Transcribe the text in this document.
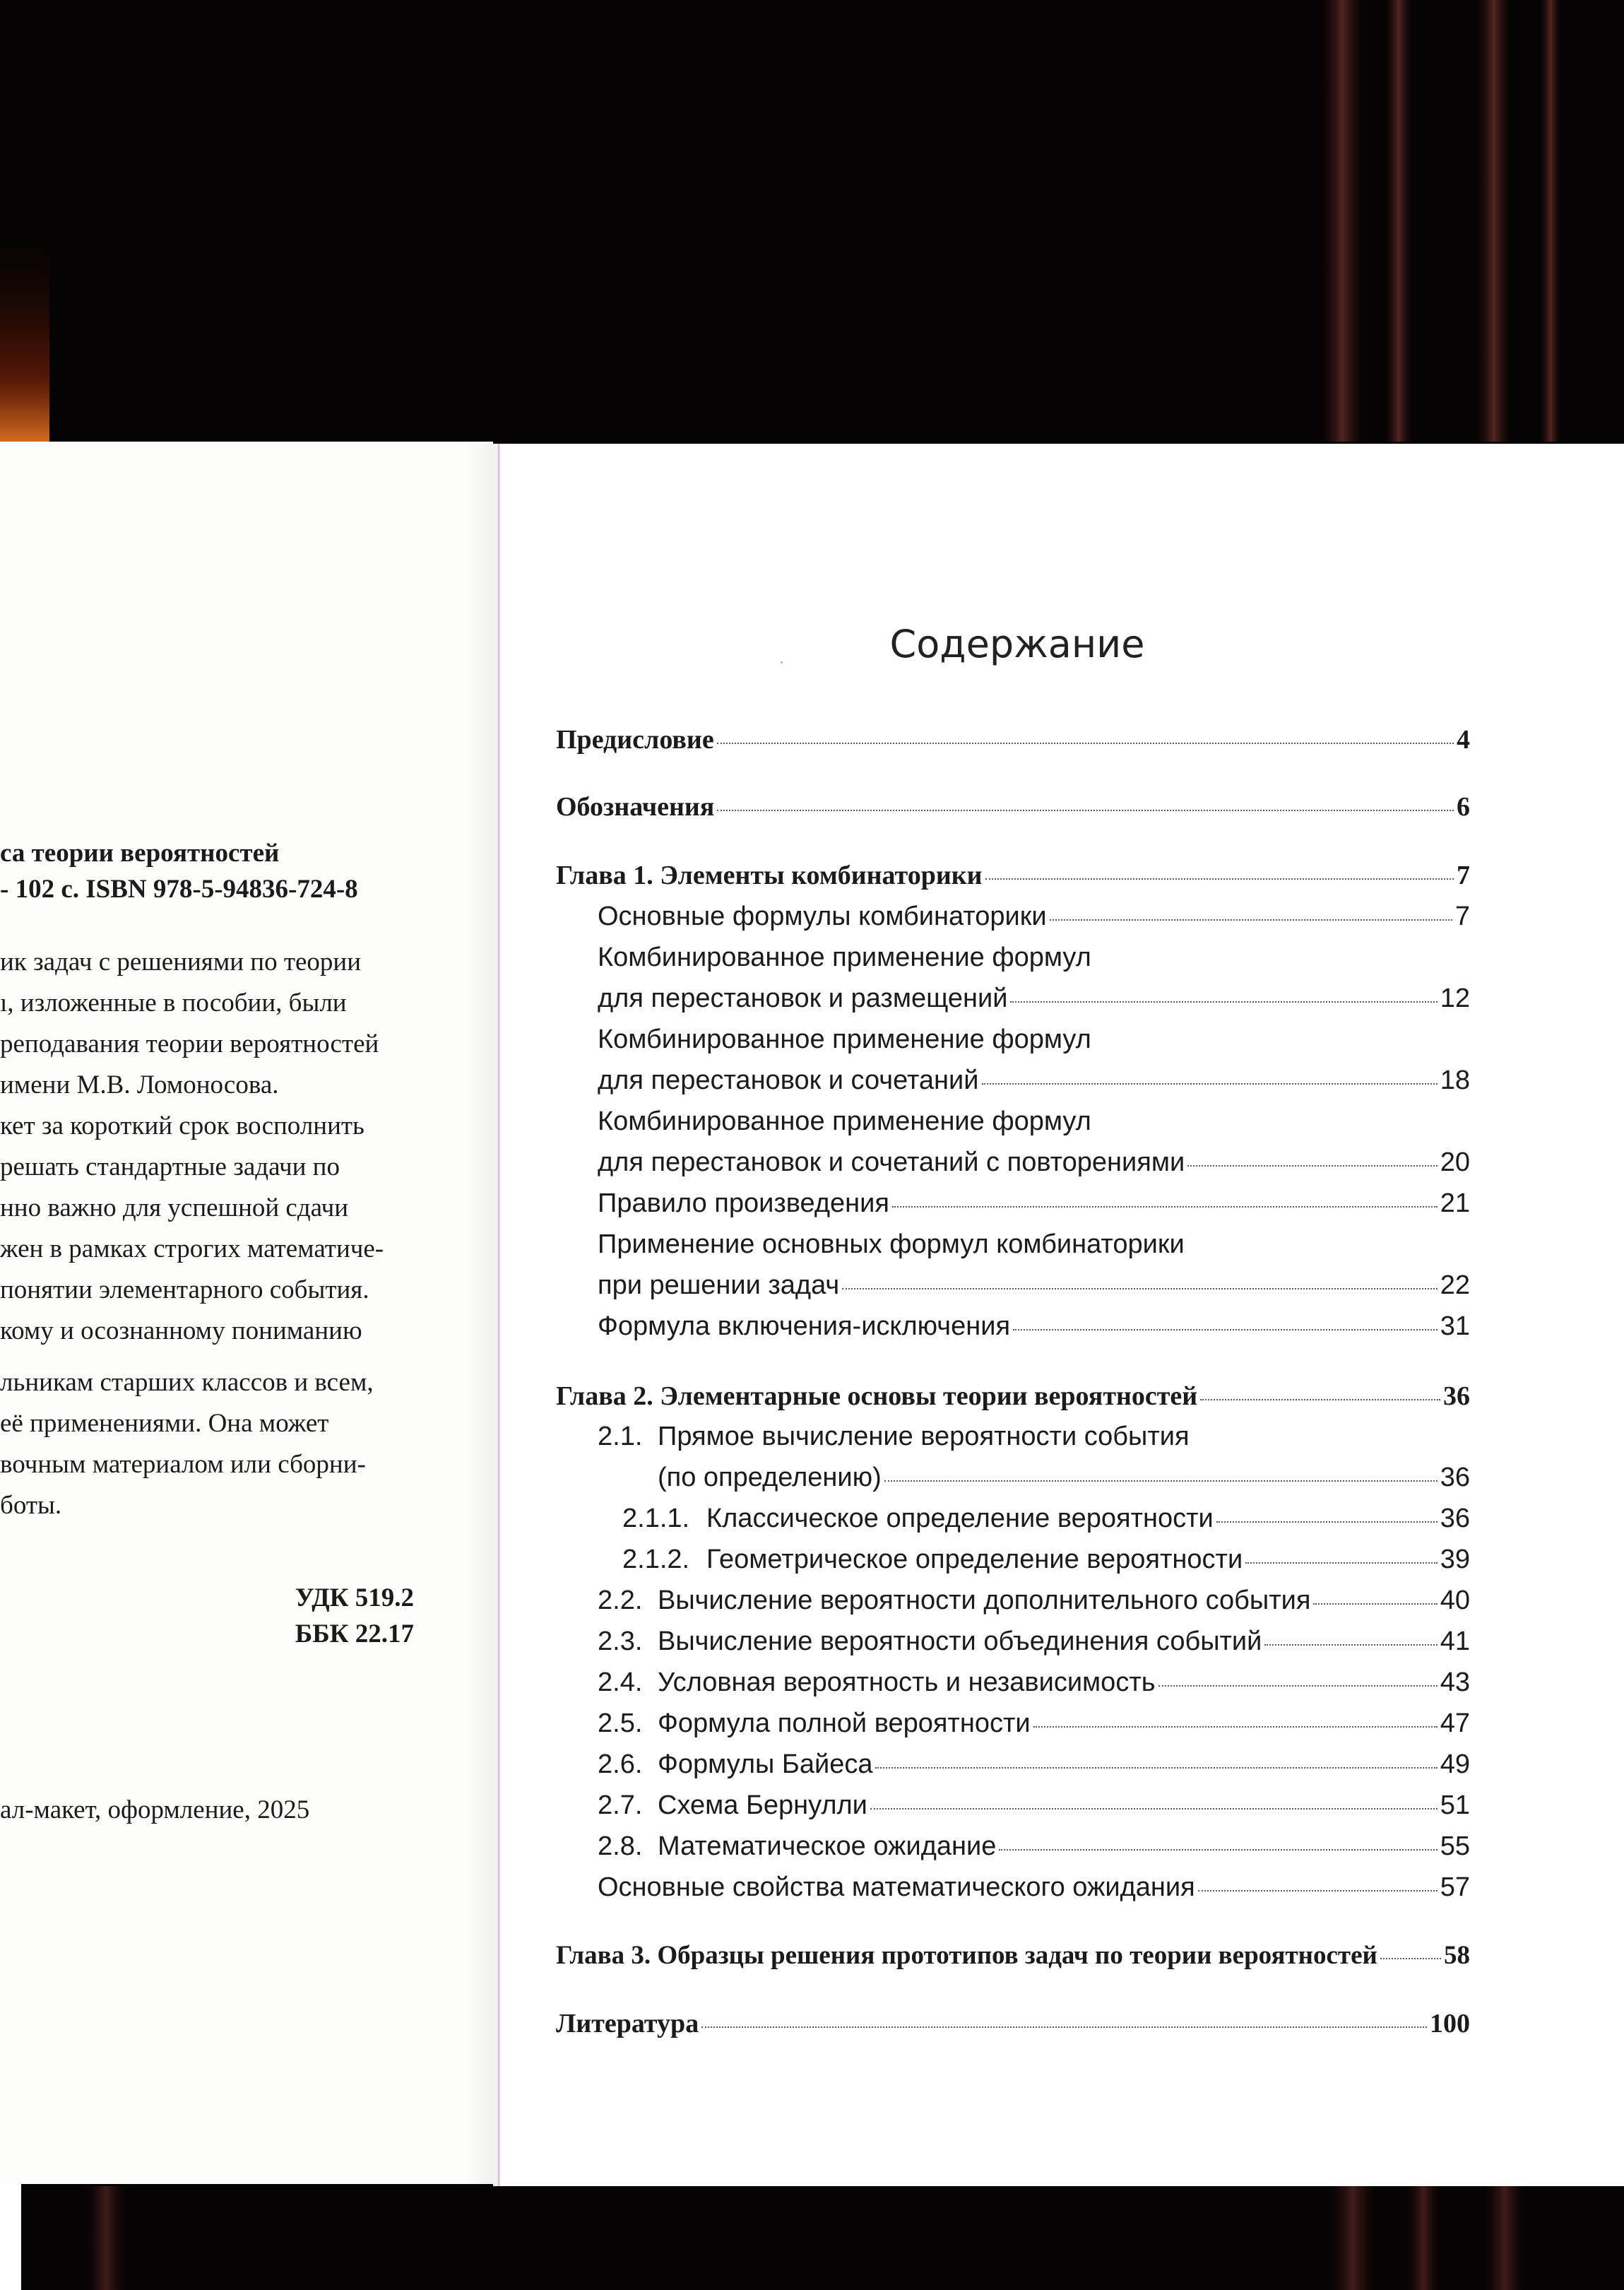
са теории вероятностей
- 102 с. ISBN 978-5-94836-724-8
ик задач с решениями по теории
ı, изложенные в пособии, были
реподавания теории вероятностей
имени М.В. Ломоносова.
кет за короткий срок восполнить
решать стандартные задачи по
нно важно для успешной сдачи
жен в рамках строгих математиче-
понятии элементарного события.
кому и осознанному пониманию
льникам старших классов и всем,
её применениями. Она может
вочным материалом или сборни-
боты.
УДК 519.2
ББК 22.17
ал-макет, оформление, 2025
Содержание
Предисловие	4
Обозначения	6
Глава 1. Элементы комбинаторики	7
Основные формулы комбинаторики	7
Комбинированное применение формул
для перестановок и размещений	12
Комбинированное применение формул
для перестановок и сочетаний	18
Комбинированное применение формул
для перестановок и сочетаний с повторениями	20
Правило произведения	21
Применение основных формул комбинаторики
при решении задач	22
Формула включения-исключения	31
Глава 2. Элементарные основы теории вероятностей	36
2.1. Прямое вычисление вероятности события
(по определению)	36
2.1.1. Классическое определение вероятности	36
2.1.2. Геометрическое определение вероятности	39
2.2. Вычисление вероятности дополнительного события	40
2.3. Вычисление вероятности объединения событий	41
2.4. Условная вероятность и независимость	43
2.5. Формула полной вероятности	47
2.6. Формулы Байеса	49
2.7. Схема Бернулли	51
2.8. Математическое ожидание	55
Основные свойства математического ожидания	57
Глава 3. Образцы решения прототипов задач по теории вероятностей	58
Литература	100
